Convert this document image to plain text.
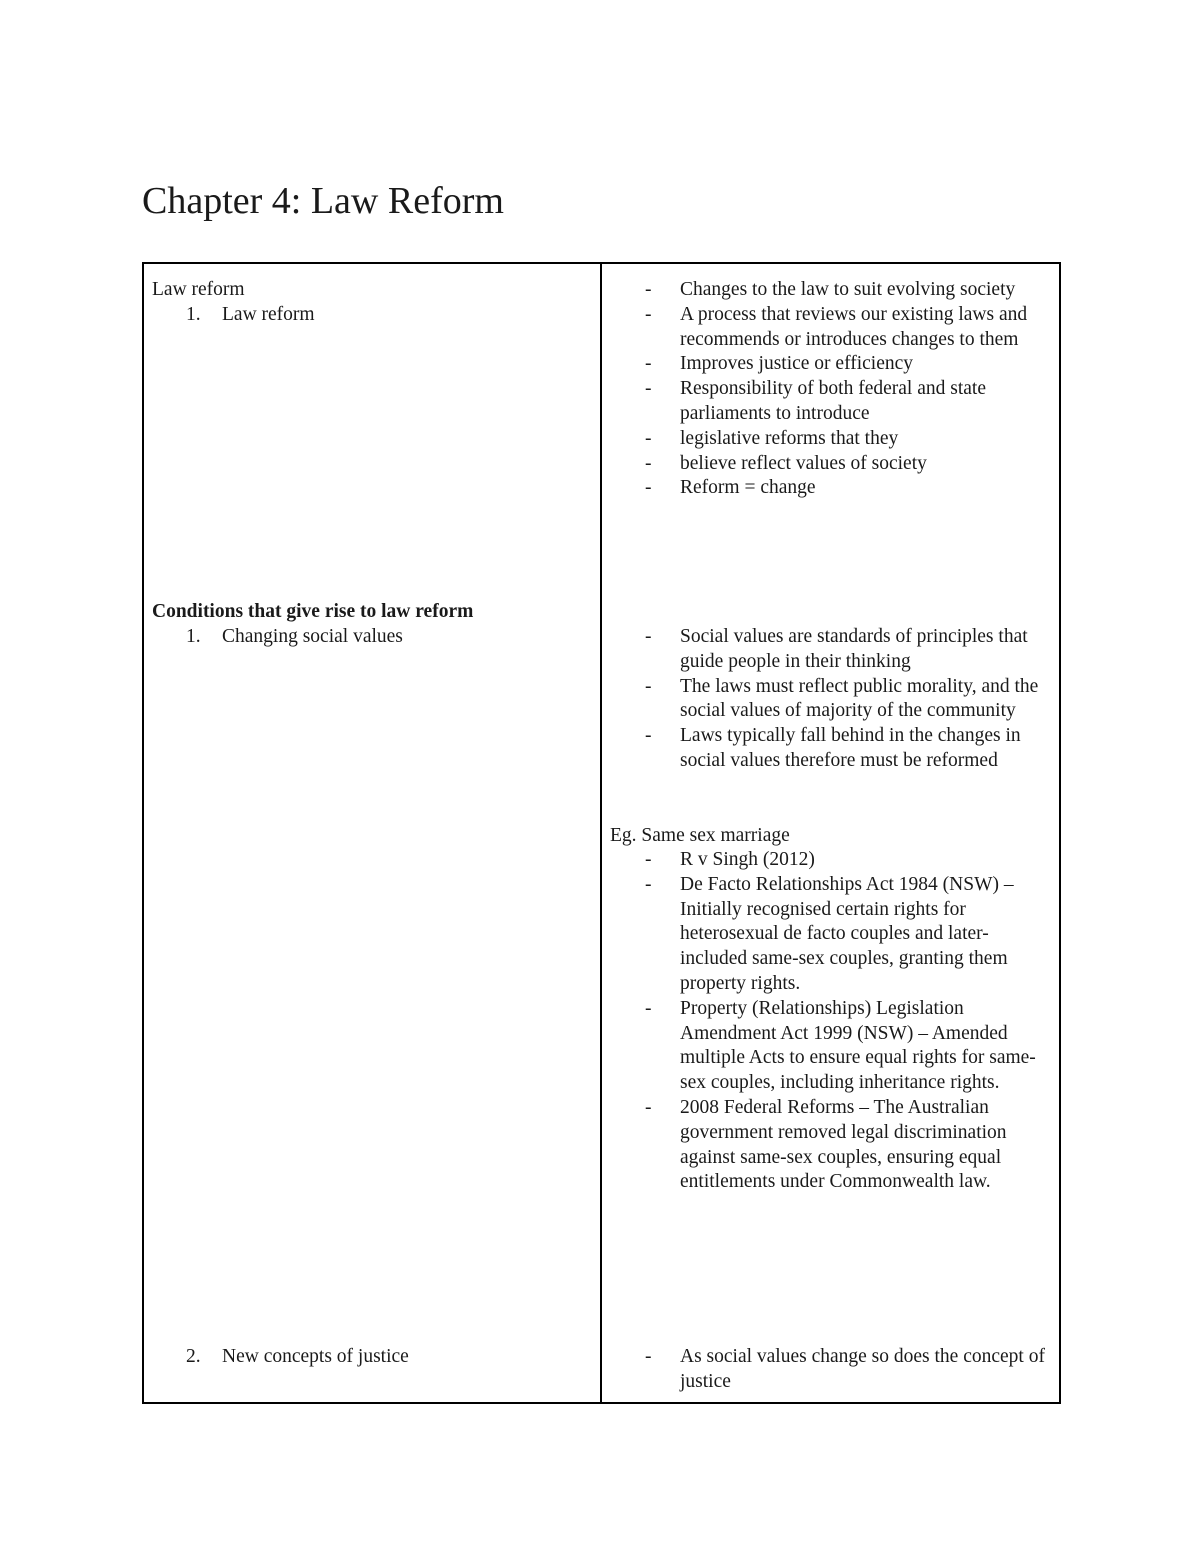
Chapter 4: Law Reform
Law reform
1. Law reform
Conditions that give rise to law reform
1. Changing social values
2. New concepts of justice
- Changes to the law to suit evolving society
- A process that reviews our existing laws and recommends or introduces changes to them
- Improves justice or efficiency
- Responsibility of both federal and state parliaments to introduce
- legislative reforms that they
- believe reflect values of society
- Reform = change
- Social values are standards of principles that guide people in their thinking
- The laws must reflect public morality, and the social values of majority of the community
- Laws typically fall behind in the changes in social values therefore must be reformed
Eg. Same sex marriage
- R v Singh (2012)
- De Facto Relationships Act 1984 (NSW) – Initially recognised certain rights for heterosexual de facto couples and later-included same-sex couples, granting them property rights.
- Property (Relationships) Legislation Amendment Act 1999 (NSW) – Amended multiple Acts to ensure equal rights for same-sex couples, including inheritance rights.
- 2008 Federal Reforms – The Australian government removed legal discrimination against same-sex couples, ensuring equal entitlements under Commonwealth law.
- As social values change so does the concept of justice
